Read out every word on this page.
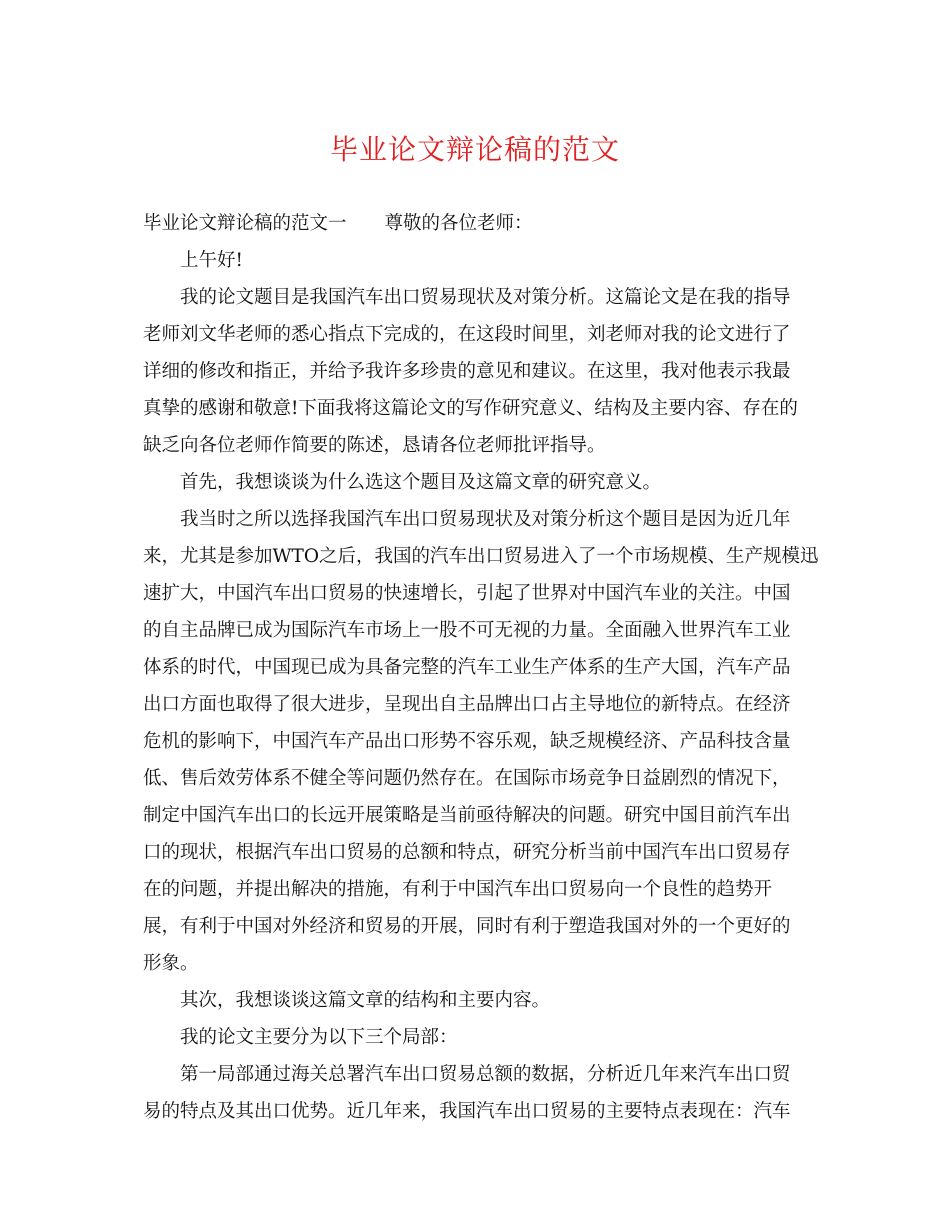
毕业论文辩论稿的范文

毕业论文辩论稿的范文一 尊敬的各位老师：

上午好!

我的论文题目是我国汽车出口贸易现状及对策分析。这篇论文是在我的指导

老师刘文华老师的悉心指点下完成的，在这段时间里，刘老师对我的论文进行了

详细的修改和指正，并给予我许多珍贵的意见和建议。在这里，我对他表示我最

真挚的感谢和敬意!下面我将这篇论文的写作研究意义、结构及主要内容、存在的

缺乏向各位老师作简要的陈述，恳请各位老师批评指导。

首先，我想谈谈为什么选这个题目及这篇文章的研究意义。

我当时之所以选择我国汽车出口贸易现状及对策分析这个题目是因为近几年

来，尤其是参加WTO之后，我国的汽车出口贸易进入了一个市场规模、生产规模迅

速扩大，中国汽车出口贸易的快速增长，引起了世界对中国汽车业的关注。中国

的自主品牌已成为国际汽车市场上一股不可无视的力量。全面融入世界汽车工业

体系的时代，中国现已成为具备完整的汽车工业生产体系的生产大国，汽车产品

出口方面也取得了很大进步，呈现出自主品牌出口占主导地位的新特点。在经济

危机的影响下，中国汽车产品出口形势不容乐观，缺乏规模经济、产品科技含量

低、售后效劳体系不健全等问题仍然存在。在国际市场竞争日益剧烈的情况下，

制定中国汽车出口的长远开展策略是当前亟待解决的问题。研究中国目前汽车出

口的现状，根据汽车出口贸易的总额和特点，研究分析当前中国汽车出口贸易存

在的问题，并提出解决的措施，有利于中国汽车出口贸易向一个良性的趋势开

展，有利于中国对外经济和贸易的开展，同时有利于塑造我国对外的一个更好的

形象。

其次，我想谈谈这篇文章的结构和主要内容。

我的论文主要分为以下三个局部：

第一局部通过海关总署汽车出口贸易总额的数据，分析近几年来汽车出口贸

易的特点及其出口优势。近几年来，我国汽车出口贸易的主要特点表现在：汽车
